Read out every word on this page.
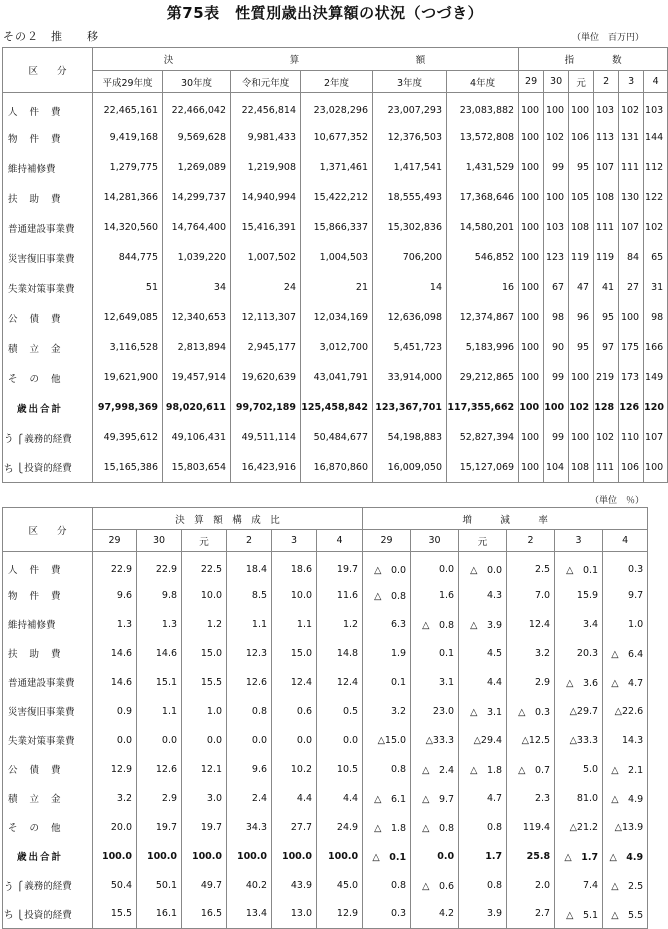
第75表　性質別歳出決算額の状況（つづき）
その２　推　　移	（単位　百万円）
区　　分		決　　　算　　　額						指　　　　数					
		平成29年度	30年度	令和元年度	2年度	3年度	4年度	29	30	元	2	3	4
人件費		22,465,161	22,466,042	22,456,814	23,028,296	23,007,293	23,083,882	100	100	100	103	102	103
物件費		9,419,168	9,569,628	9,981,433	10,677,352	12,376,503	13,572,808	100	102	106	113	131	144
維持補修費		1,279,775	1,269,089	1,219,908	1,371,461	1,417,541	1,431,529	100	99	95	107	111	112
扶助費		14,281,366	14,299,737	14,940,994	15,422,212	18,555,493	17,368,646	100	100	105	108	130	122
普通建設事業費		14,320,560	14,764,400	15,416,391	15,866,337	15,302,836	14,580,201	100	103	108	111	107	102
災害復旧事業費		844,775	1,039,220	1,007,502	1,004,503	706,200	546,852	100	123	119	119	84	65
失業対策事業費		51	34	24	21	14	16	100	67	47	41	27	31
公債費		12,649,085	12,340,653	12,113,307	12,034,169	12,636,098	12,374,867	100	98	96	95	100	98
積立金		3,116,528	2,813,894	2,945,177	3,012,700	5,451,723	5,183,996	100	90	95	97	175	166
その他		19,621,900	19,457,914	19,620,639	43,041,791	33,914,000	29,212,865	100	99	100	219	173	149
歳出合計		97,998,369	98,020,611	99,702,189	125,458,842	123,367,701	117,355,662	100	100	102	128	126	120
う	⎧義務的経費	49,395,612	49,106,431	49,511,114	50,484,677	54,198,883	52,827,394	100	99	100	102	110	107
ち	⎩投資的経費	15,165,386	15,803,654	16,423,916	16,870,860	16,009,050	15,127,069	100	104	108	111	106	100
（単位　％）
区　　分		決　算　額　構　成　比						増　　　減　　　率					
		29	30	元	2	3	4	29	30	元	2	3	4
人件費		22.9	22.9	22.5	18.4	18.6	19.7	△　0.0	0.0	△　0.0	2.5	△　0.1	0.3
物件費		9.6	9.8	10.0	8.5	10.0	11.6	△　0.8	1.6	4.3	7.0	15.9	9.7
維持補修費		1.3	1.3	1.2	1.1	1.1	1.2	6.3	△　0.8	△　3.9	12.4	3.4	1.0
扶助費		14.6	14.6	15.0	12.3	15.0	14.8	1.9	0.1	4.5	3.2	20.3	△　6.4
普通建設事業費		14.6	15.1	15.5	12.6	12.4	12.4	0.1	3.1	4.4	2.9	△　3.6	△　4.7
災害復旧事業費		0.9	1.1	1.0	0.8	0.6	0.5	3.2	23.0	△　3.1	△　0.3	△29.7	△22.6
失業対策事業費		0.0	0.0	0.0	0.0	0.0	0.0	△15.0	△33.3	△29.4	△12.5	△33.3	14.3
公債費		12.9	12.6	12.1	9.6	10.2	10.5	0.8	△　2.4	△　1.8	△　0.7	5.0	△　2.1
積立金		3.2	2.9	3.0	2.4	4.4	4.4	△　6.1	△　9.7	4.7	2.3	81.0	△　4.9
その他		20.0	19.7	19.7	34.3	27.7	24.9	△　1.8	△　0.8	0.8	119.4	△21.2	△13.9
歳出合計		100.0	100.0	100.0	100.0	100.0	100.0	△　0.1	0.0	1.7	25.8	△　1.7	△　4.9
う	⎧義務的経費	50.4	50.1	49.7	40.2	43.9	45.0	0.8	△　0.6	0.8	2.0	7.4	△　2.5
ち	⎩投資的経費	15.5	16.1	16.5	13.4	13.0	12.9	0.3	4.2	3.9	2.7	△　5.1	△　5.5
